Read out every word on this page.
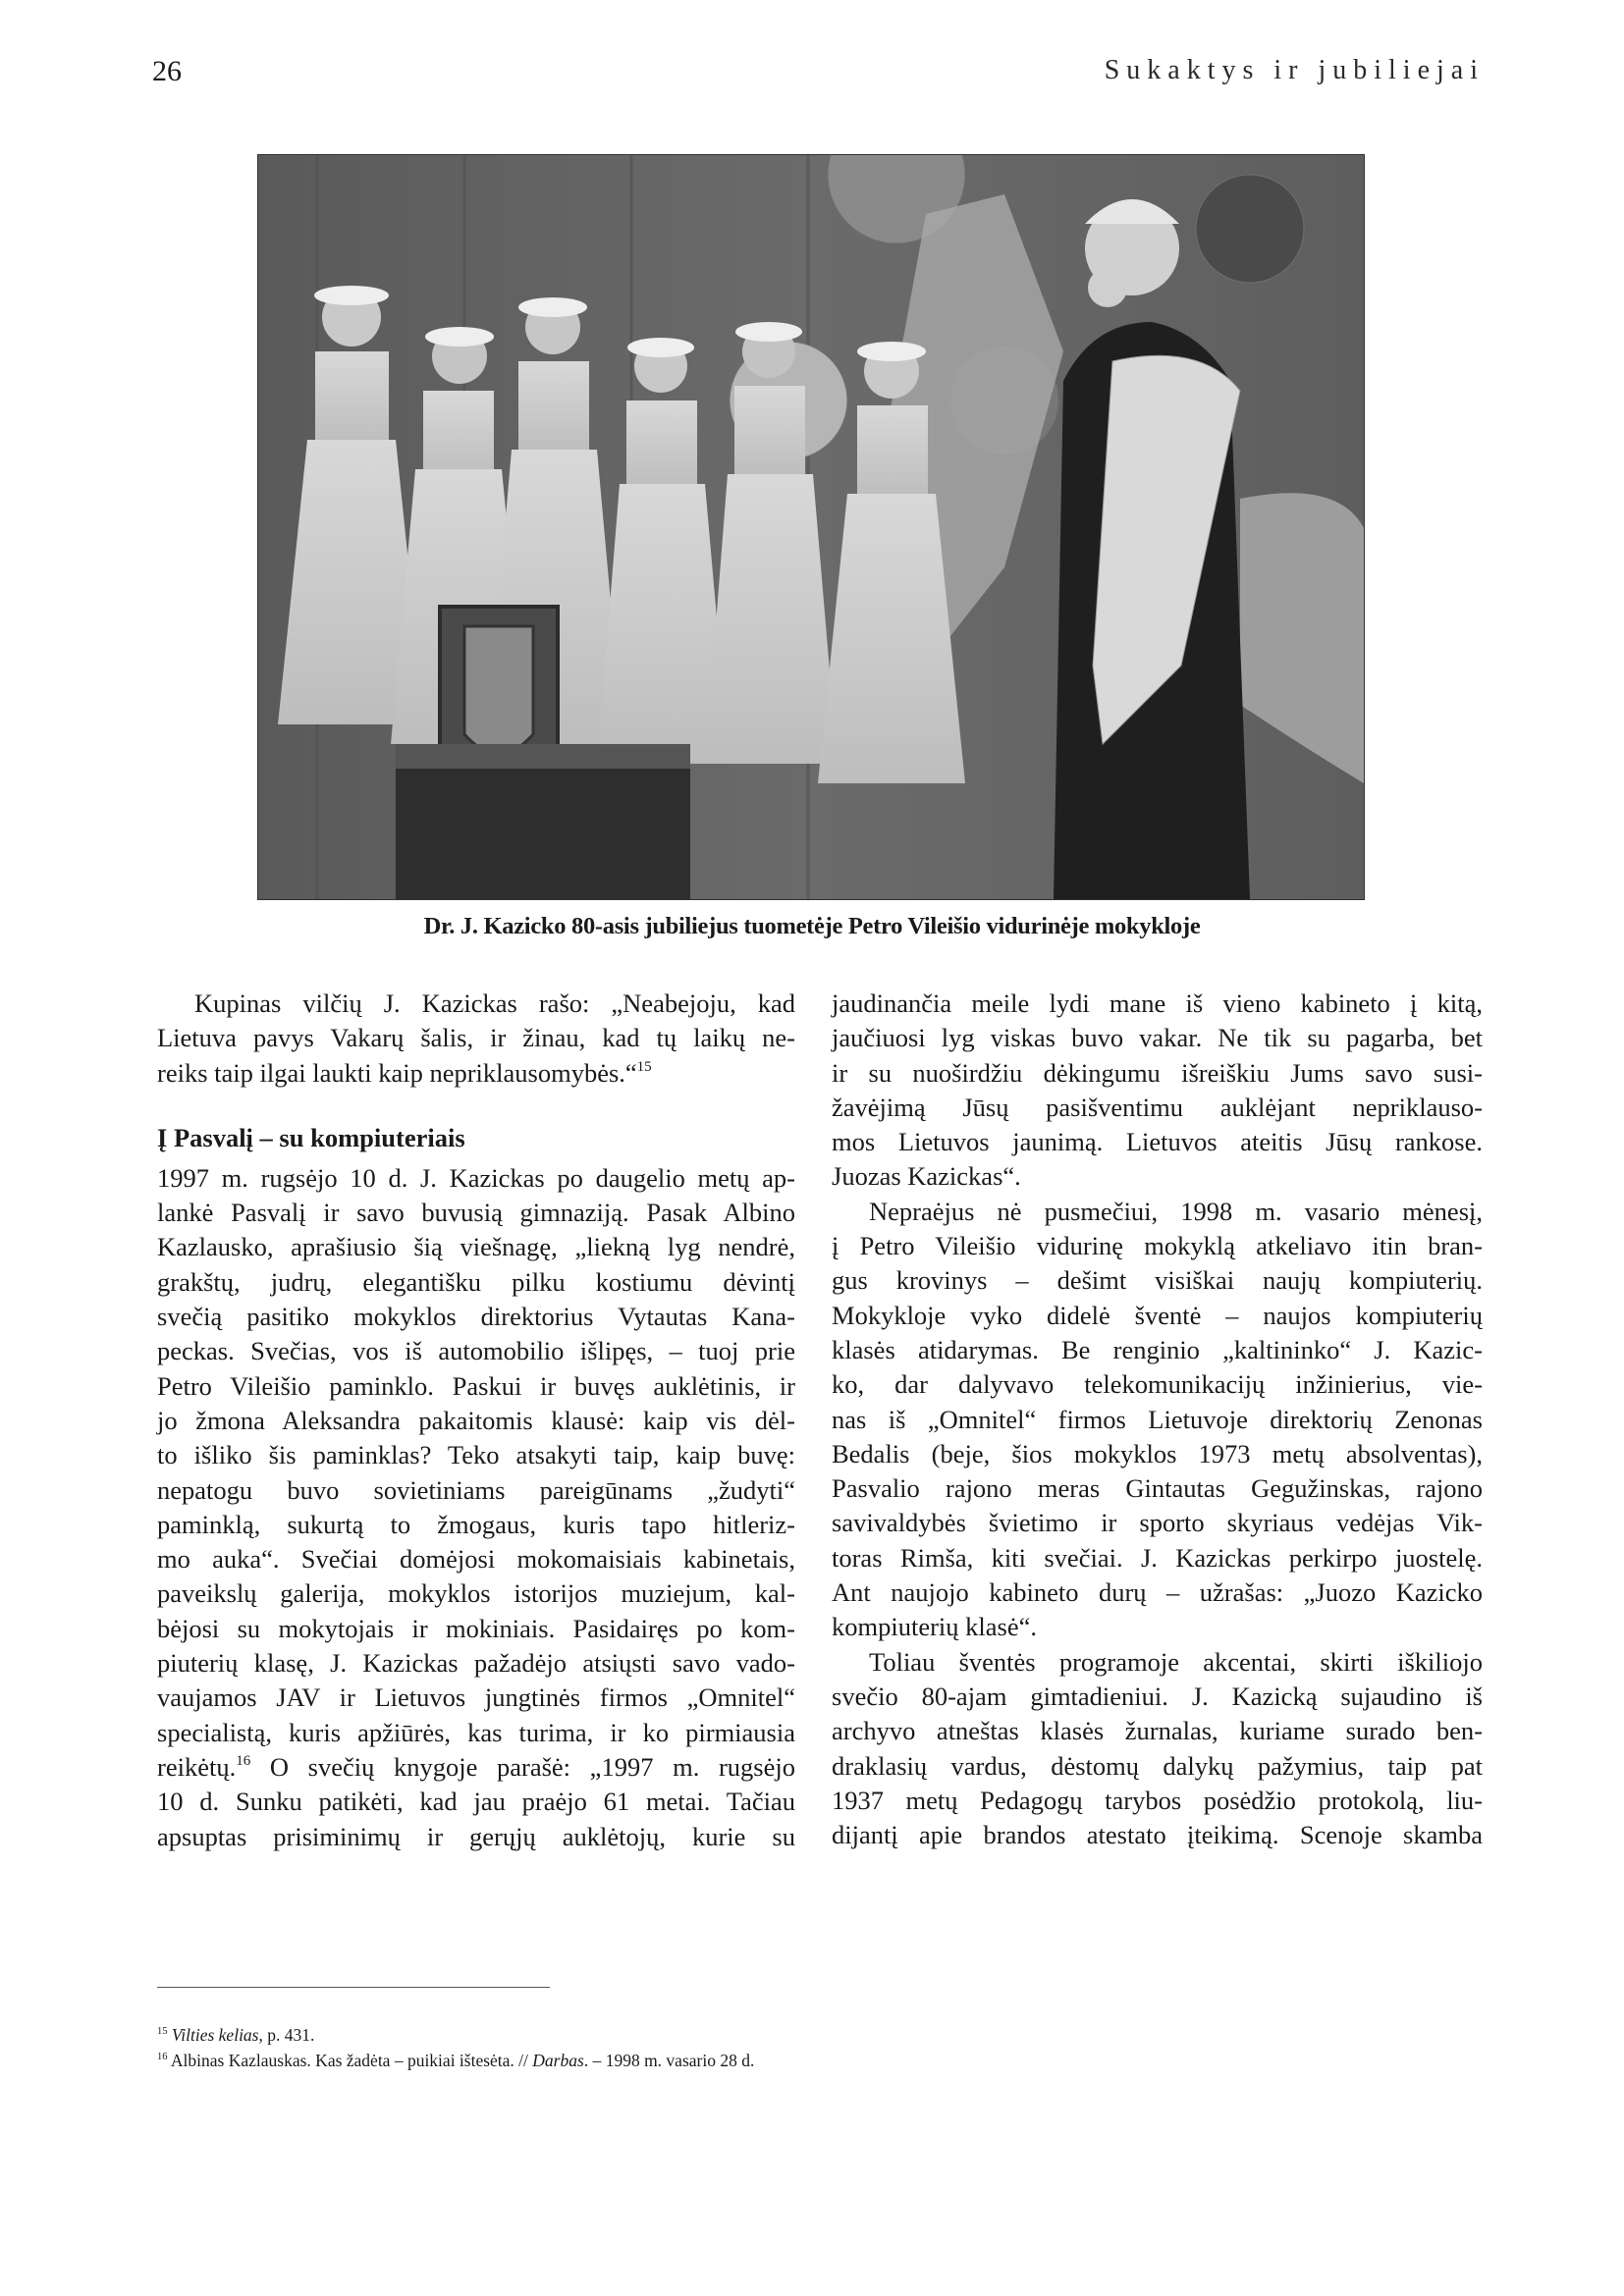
26	Sukaktys ir jubiliejai
Dr. J. Kazicko 80-asis jubiliejus tuometėje Petro Vileišio vidurinėje mokykloje
Kupinas vilčių J. Kazickas rašo: „Neabejoju, kad
Lietuva pavys Vakarų šalis, ir žinau, kad tų laikų ne-
reiks taip ilgai laukti kaip nepriklausomybės.“$^{15}$
Į Pasvalį – su kompiuteriais
1997 m. rugsėjo 10 d. J. Kazickas po daugelio metų ap-
lankė Pasvalį ir savo buvusią gimnaziją. Pasak Albino
Kazlausko, aprašiusio šią viešnagę, „liekną lyg nendrė,
grakštų, judrų, elegantišku pilku kostiumu dėvintį
svečią pasitiko mokyklos direktorius Vytautas Kana-
peckas. Svečias, vos iš automobilio išlipęs, – tuoj prie
Petro Vileišio paminklo. Paskui ir buvęs auklėtinis, ir
jo žmona Aleksandra pakaitomis klausė: kaip vis dėl-
to išliko šis paminklas? Teko atsakyti taip, kaip buvę:
nepatogu buvo sovietiniams pareigūnams „žudyti“
paminklą, sukurtą to žmogaus, kuris tapo hitleriz-
mo auka“. Svečiai domėjosi mokomaisiais kabinetais,
paveikslų galerija, mokyklos istorijos muziejum, kal-
bėjosi su mokytojais ir mokiniais. Pasidairęs po kom-
piuterių klasę, J. Kazickas pažadėjo atsiųsti savo vado-
vaujamos JAV ir Lietuvos jungtinės firmos „Omnitel“
specialistą, kuris apžiūrės, kas turima, ir ko pirmiausia
reikėtų.$^{16}$ O svečių knygoje parašė: „1997 m. rugsėjo
10 d. Sunku patikėti, kad jau praėjo 61 metai. Tačiau
apsuptas prisiminimų ir gerųjų auklėtojų, kurie su
jaudinančia meile lydi mane iš vieno kabineto į kitą,
jaučiuosi lyg viskas buvo vakar. Ne tik su pagarba, bet
ir su nuoširdžiu dėkingumu išreiškiu Jums savo susi-
žavėjimą Jūsų pasišventimu auklėjant nepriklauso-
mos Lietuvos jaunimą. Lietuvos ateitis Jūsų rankose.
Juozas Kazickas“.
Nepraėjus nė pusmečiui, 1998 m. vasario mėnesį,
į Petro Vileišio vidurinę mokyklą atkeliavo itin bran-
gus krovinys – dešimt visiškai naujų kompiuterių.
Mokykloje vyko didelė šventė – naujos kompiuterių
klasės atidarymas. Be renginio „kaltininko“ J. Kazic-
ko, dar dalyvavo telekomunikacijų inžinierius, vie-
nas iš „Omnitel“ firmos Lietuvoje direktorių Zenonas
Bedalis (beje, šios mokyklos 1973 metų absolventas),
Pasvalio rajono meras Gintautas Gegužinskas, rajono
savivaldybės švietimo ir sporto skyriaus vedėjas Vik-
toras Rimša, kiti svečiai. J. Kazickas perkirpo juostelę.
Ant naujojo kabineto durų – užrašas: „Juozo Kazicko
kompiuterių klasė“.
Toliau šventės programoje akcentai, skirti iškiliojo
svečio 80-ajam gimtadieniui. J. Kazicką sujaudino iš
archyvo atneštas klasės žurnalas, kuriame surado ben-
draklasių vardus, dėstomų dalykų pažymius, taip pat
1937 metų Pedagogų tarybos posėdžio protokolą, liu-
dijantį apie brandos atestato įteikimą. Scenoje skamba
$^{15}$ Vilties kelias, p. 431.
$^{16}$ Albinas Kazlauskas. Kas žadėta – puikiai ištesėta. // Darbas. – 1998 m. vasario 28 d.
